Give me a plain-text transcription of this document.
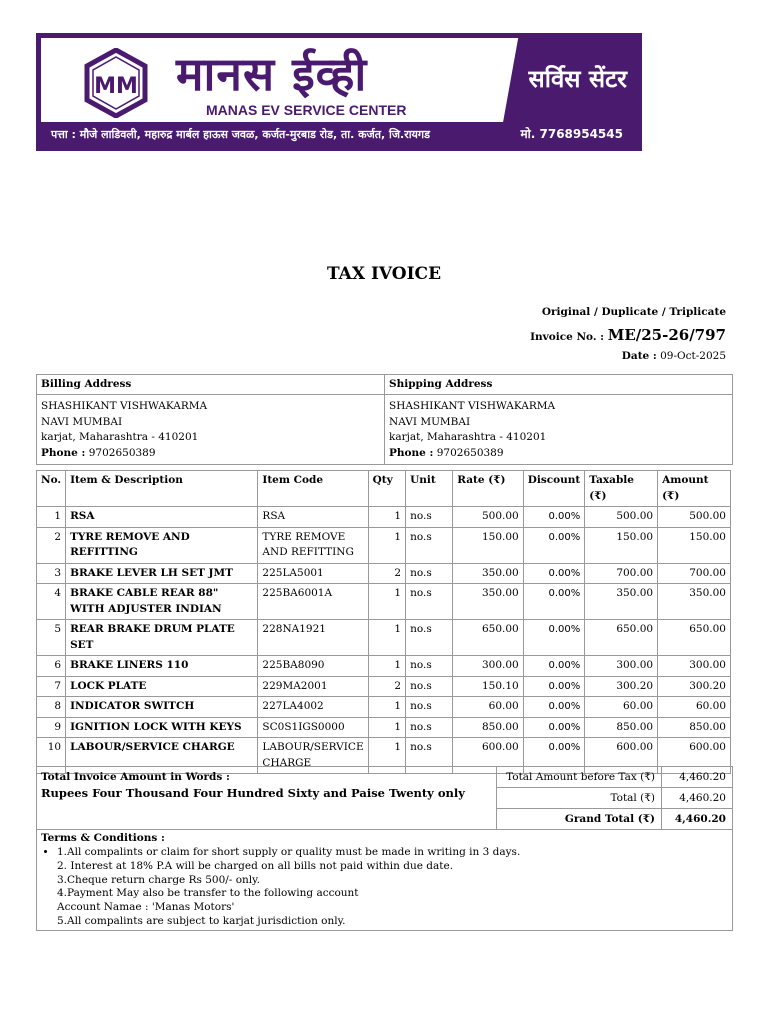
MM मानस ईव्ही
MANAS EV SERVICE CENTER
सर्विस सेंटर
पत्ता : मौजे लाडिवली, महारुद्र मार्बल हाऊस जवळ, कर्जत-मुरबाड रोड, ता. कर्जत, जि.रायगड	मो. 7768954545
TAX IVOICE
Original / Duplicate / Triplicate
Invoice No. : ME/25-26/797
Date : 09-Oct-2025
Billing Address
SHASHIKANT VISHWAKARMA
NAVI MUMBAI
karjat, Maharashtra - 410201
Phone : 9702650389
Shipping Address
SHASHIKANT VISHWAKARMA
NAVI MUMBAI
karjat, Maharashtra - 410201
Phone : 9702650389
No.	Item & Description	Item Code	Qty	Unit	Rate (₹)	Discount	Taxable (₹)	Amount (₹)
1	RSA	RSA	1	no.s	500.00	0.00%	500.00	500.00
2	TYRE REMOVE AND REFITTING	TYRE REMOVE AND REFITTING	1	no.s	150.00	0.00%	150.00	150.00
3	BRAKE LEVER LH SET JMT	225LA5001	2	no.s	350.00	0.00%	700.00	700.00
4	BRAKE CABLE REAR 88" WITH ADJUSTER INDIAN	225BA6001A	1	no.s	350.00	0.00%	350.00	350.00
5	REAR BRAKE DRUM PLATE SET	228NA1921	1	no.s	650.00	0.00%	650.00	650.00
6	BRAKE LINERS 110	225BA8090	1	no.s	300.00	0.00%	300.00	300.00
7	LOCK PLATE	229MA2001	2	no.s	150.10	0.00%	300.20	300.20
8	INDICATOR SWITCH	227LA4002	1	no.s	60.00	0.00%	60.00	60.00
9	IGNITION LOCK WITH KEYS	SC0S1IGS0000	1	no.s	850.00	0.00%	850.00	850.00
10	LABOUR/SERVICE CHARGE	LABOUR/SERVICE CHARGE	1	no.s	600.00	0.00%	600.00	600.00
Total Invoice Amount in Words :
Rupees Four Thousand Four Hundred Sixty and Paise Twenty only
Total Amount before Tax (₹)	4,460.20
Total (₹)	4,460.20
Grand Total (₹)	4,460.20
Terms & Conditions :
• 1.All compalints or claim for short supply or quality must be made in writing in 3 days.
2. Interest at 18% P.A will be charged on all bills not paid within due date.
3.Cheque return charge Rs 500/- only.
4.Payment May also be transfer to the following account
Account Namae : 'Manas Motors'
5.All compalints are subject to karjat jurisdiction only.
